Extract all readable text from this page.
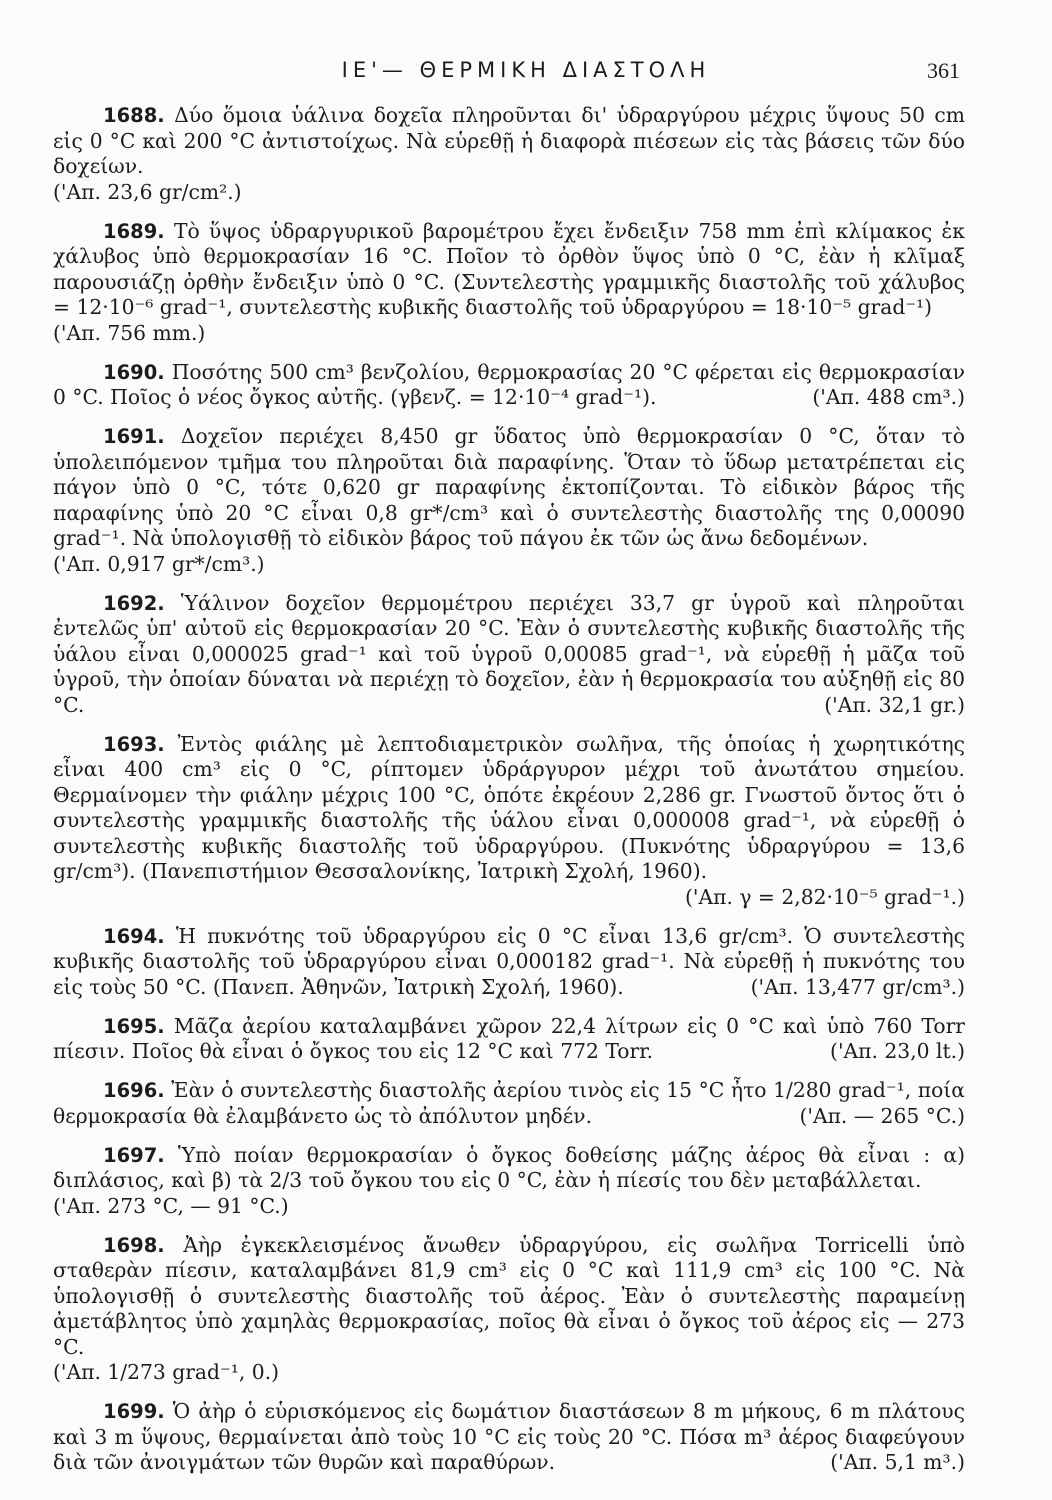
ΙΕ'— ΘΕΡΜΙΚΗ ΔΙΑΣΤΟΛΗ	361

1688. Δύο ὅμοια ὑάλινα δοχεῖα πληροῦνται δι' ὑδραργύρου μέχρις ὕψους 50 cm εἰς 0 °C καὶ 200 °C ἀντιστοίχως. Νὰ εὑρεθῇ ἡ διαφορὰ πιέσεων εἰς τὰς βάσεις τῶν δύο δοχείων.
('Απ. 23,6 gr/cm².)

1689. Τὸ ὕψος ὑδραργυρικοῦ βαρομέτρου ἔχει ἔνδειξιν 758 mm ἐπὶ κλίμακος ἐκ χάλυβος ὑπὸ θερμοκρασίαν 16 °C. Ποῖον τὸ ὀρθὸν ὕψος ὑπὸ 0 °C, ἐὰν ἡ κλῖμαξ παρουσιάζῃ ὀρθὴν ἔνδειξιν ὑπὸ 0 °C. (Συντελεστὴς γραμμικῆς διαστολῆς τοῦ χάλυβος = 12·10⁻⁶ grad⁻¹, συντελεστὴς κυβικῆς διαστολῆς τοῦ ὑδραργύρου = 18·10⁻⁵ grad⁻¹)
('Απ. 756 mm.)

1690. Ποσότης 500 cm³ βενζολίου, θερμοκρασίας 20 °C φέρεται εἰς θερμοκρασίαν 0 °C. Ποῖος ὁ νέος ὄγκος αὐτῆς. (γβενζ. = 12·10⁻⁴ grad⁻¹).	('Απ. 488 cm³.)

1691. Δοχεῖον περιέχει 8,450 gr ὕδατος ὑπὸ θερμοκρασίαν 0 °C, ὅταν τὸ ὑπολειπόμενον τμῆμα του πληροῦται διὰ παραφίνης. Ὅταν τὸ ὕδωρ μετατρέπεται εἰς πάγον ὑπὸ 0 °C, τότε 0,620 gr παραφίνης ἐκτοπίζονται. Τὸ εἰδικὸν βάρος τῆς παραφίνης ὑπὸ 20 °C εἶναι 0,8 gr*/cm³ καὶ ὁ συντελεστὴς διαστολῆς της 0,00090 grad⁻¹. Νὰ ὑπολογισθῇ τὸ εἰδικὸν βάρος τοῦ πάγου ἐκ τῶν ὡς ἄνω δεδομένων.
('Απ. 0,917 gr*/cm³.)

1692. Ὑάλινον δοχεῖον θερμομέτρου περιέχει 33,7 gr ὑγροῦ καὶ πληροῦται ἐντελῶς ὑπ' αὐτοῦ εἰς θερμοκρασίαν 20 °C. Ἐὰν ὁ συντελεστὴς κυβικῆς διαστολῆς τῆς ὑάλου εἶναι 0,000025 grad⁻¹ καὶ τοῦ ὑγροῦ 0,00085 grad⁻¹, νὰ εὑρεθῇ ἡ μᾶζα τοῦ ὑγροῦ, τὴν ὁποίαν δύναται νὰ περιέχῃ τὸ δοχεῖον, ἐὰν ἡ θερμοκρασία του αὐξηθῇ εἰς 80 °C.	('Απ. 32,1 gr.)

1693. Ἐντὸς φιάλης μὲ λεπτοδιαμετρικὸν σωλῆνα, τῆς ὁποίας ἡ χωρητικότης εἶναι 400 cm³ εἰς 0 °C, ρίπτομεν ὑδράργυρον μέχρι τοῦ ἀνωτάτου σημείου. Θερμαίνομεν τὴν φιάλην μέχρις 100 °C, ὁπότε ἐκρέουν 2,286 gr. Γνωστοῦ ὄντος ὅτι ὁ συντελεστὴς γραμμικῆς διαστολῆς τῆς ὑάλου εἶναι 0,000008 grad⁻¹, νὰ εὑρεθῇ ὁ συντελεστὴς κυβικῆς διαστολῆς τοῦ ὑδραργύρου. (Πυκνότης ὑδραργύρου = 13,6 gr/cm³). (Πανεπιστήμιον Θεσσαλονίκης, Ἰατρικὴ Σχολή, 1960).
('Απ. γ = 2,82·10⁻⁵ grad⁻¹.)

1694. Ἡ πυκνότης τοῦ ὑδραργύρου εἰς 0 °C εἶναι 13,6 gr/cm³. Ὁ συντελεστὴς κυβικῆς διαστολῆς τοῦ ὑδραργύρου εἶναι 0,000182 grad⁻¹. Νὰ εὑρεθῇ ἡ πυκνότης του εἰς τοὺς 50 °C. (Πανεπ. Ἀθηνῶν, Ἰατρικὴ Σχολή, 1960).	('Απ. 13,477 gr/cm³.)

1695. Μᾶζα ἀερίου καταλαμβάνει χῶρον 22,4 λίτρων εἰς 0 °C καὶ ὑπὸ 760 Torr πίεσιν. Ποῖος θὰ εἶναι ὁ ὄγκος του εἰς 12 °C καὶ 772 Torr.	('Απ. 23,0 lt.)

1696. Ἐὰν ὁ συντελεστὴς διαστολῆς ἀερίου τινὸς εἰς 15 °C ἦτο 1/280 grad⁻¹, ποία θερμοκρασία θὰ ἐλαμβάνετο ὡς τὸ ἀπόλυτον μηδέν.	('Απ. — 265 °C.)

1697. Ὑπὸ ποίαν θερμοκρασίαν ὁ ὄγκος δοθείσης μάζης ἀέρος θὰ εἶναι : α) διπλάσιος, καὶ β) τὰ 2/3 τοῦ ὄγκου του εἰς 0 °C, ἐὰν ἡ πίεσίς του δὲν μεταβάλλεται.
('Απ. 273 °C, — 91 °C.)

1698. Ἀὴρ ἐγκεκλεισμένος ἄνωθεν ὑδραργύρου, εἰς σωλῆνα Torricelli ὑπὸ σταθερὰν πίεσιν, καταλαμβάνει 81,9 cm³ εἰς 0 °C καὶ 111,9 cm³ εἰς 100 °C. Νὰ ὑπολογισθῇ ὁ συντελεστὴς διαστολῆς τοῦ ἀέρος. Ἐὰν ὁ συντελεστὴς παραμείνῃ ἀμετάβλητος ὑπὸ χαμηλὰς θερμοκρασίας, ποῖος θὰ εἶναι ὁ ὄγκος τοῦ ἀέρος εἰς — 273 °C.
('Απ. 1/273 grad⁻¹, 0.)

1699. Ὁ ἀὴρ ὁ εὑρισκόμενος εἰς δωμάτιον διαστάσεων 8 m μήκους, 6 m πλάτους καὶ 3 m ὕψους, θερμαίνεται ἀπὸ τοὺς 10 °C εἰς τοὺς 20 °C. Πόσα m³ ἀέρος διαφεύγουν διὰ τῶν ἀνοιγμάτων τῶν θυρῶν καὶ παραθύρων.	('Απ. 5,1 m³.)
